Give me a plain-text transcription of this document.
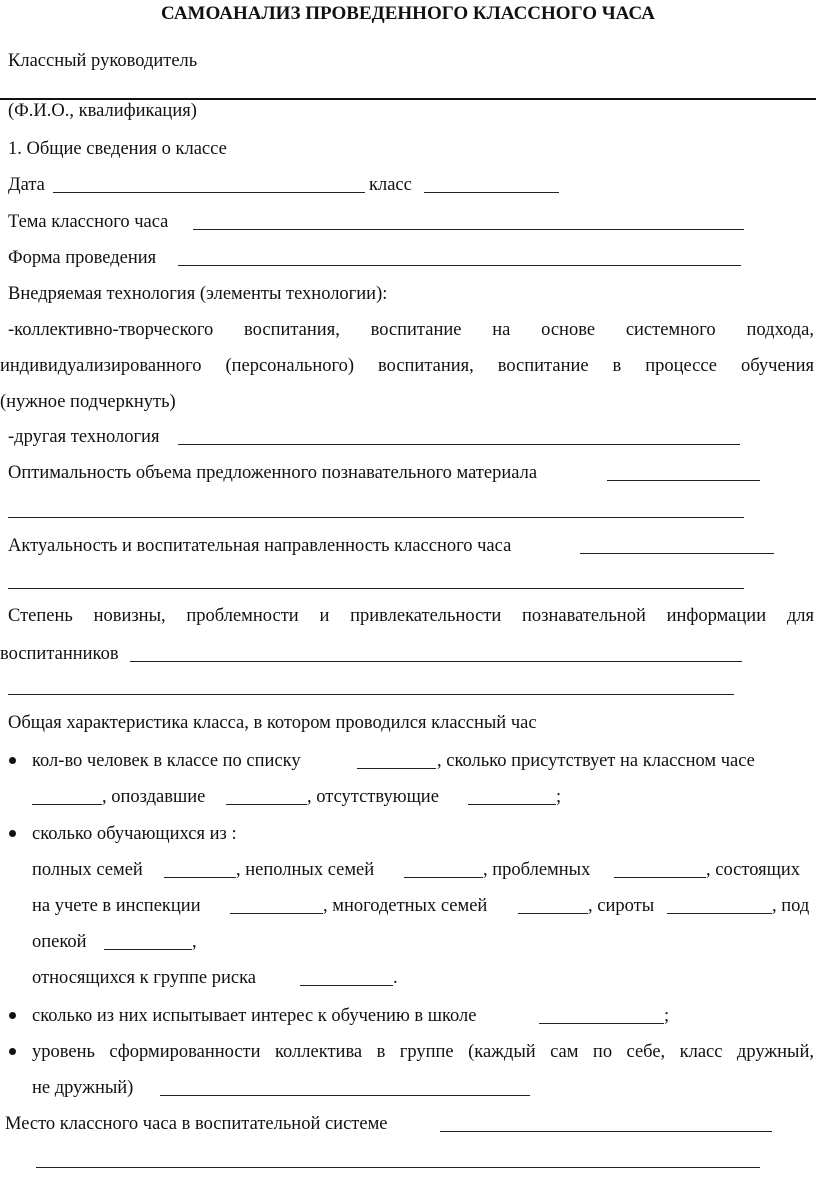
САМОАНАЛИЗ ПРОВЕДЕННОГО КЛАССНОГО ЧАСА
Классный руководитель
(Ф.И.О., квалификация)
1. Общие сведения о классе
Дата	класс
Тема классного часа
Форма проведения
Внедряемая технология (элементы технологии):
-коллективно-творческого воспитания, воспитание на основе системного подхода,
индивидуализированного (персонального) воспитания, воспитание в процессе обучения
(нужное подчеркнуть)
-другая технология
Оптимальность объема предложенного познавательного материала
Актуальность и воспитательная направленность классного часа
Степень новизны, проблемности и привлекательности познавательной информации для
воспитанников
Общая характеристика класса, в котором проводился классный час
кол-во человек в классе по списку	, сколько присутствует на классном часе
, опоздавшие	, отсутствующие	;
сколько обучающихся из :
полных семей	, неполных семей	, проблемных	, состоящих
на учете в инспекции	, многодетных семей	, сироты	, под
опекой	,
относящихся к группе риска	.
сколько из них испытывает интерес к обучению в школе	;
уровень сформированности коллектива в группе (каждый сам по себе, класс дружный,
не дружный)
Место классного часа в воспитательной системе
